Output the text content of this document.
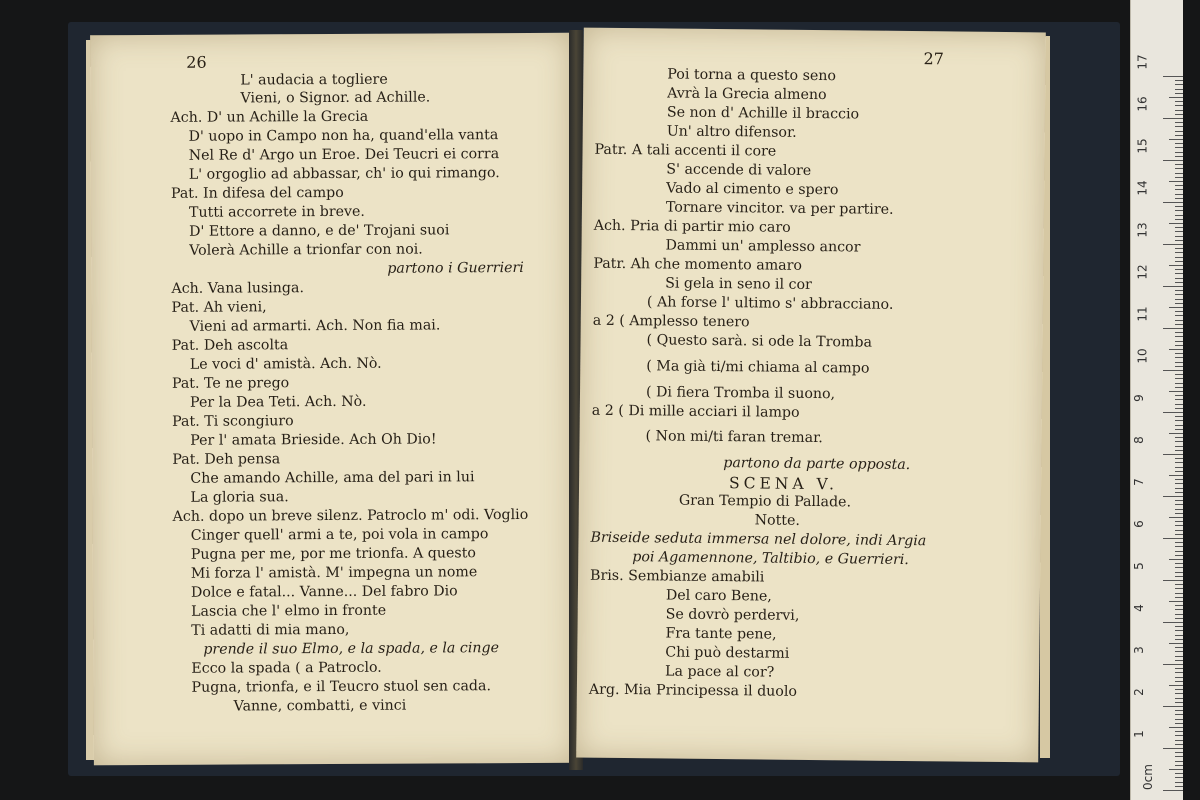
26
L' audacia a togliere
Vieni, o Signor. ad Achille.
Ach. D' un Achille la Grecia
D' uopo in Campo non ha, quand'ella vanta
Nel Re d' Argo un Eroe. Dei Teucri ei corra
L' orgoglio ad abbassar, ch' io qui rimango.
Pat. In difesa del campo
Tutti accorrete in breve.
D' Ettore a danno, e de' Trojani suoi
Volerà Achille a trionfar con noi.
partono i Guerrieri
Ach. Vana lusinga.
Pat. Ah vieni,
Vieni ad armarti. Ach. Non fia mai.
Pat. Deh ascolta
Le voci d' amistà. Ach. Nò.
Pat. Te ne prego
Per la Dea Teti. Ach. Nò.
Pat. Ti scongiuro
Per l' amata Brieside. Ach Oh Dio!
Pat. Deh pensa
Che amando Achille, ama del pari in lui
La gloria sua.
Ach. dopo un breve silenz. Patroclo m' odi. Voglio
Cinger quell' armi a te, poi vola in campo
Pugna per me, por me trionfa. A questo
Mi forza l' amistà. M' impegna un nome
Dolce e fatal... Vanne... Del fabro Dio
Lascia che l' elmo in fronte
Ti adatti di mia mano,
prende il suo Elmo, e la spada, e la cinge
Ecco la spada ( a Patroclo.
Pugna, trionfa, e il Teucro stuol sen cada.
Vanne, combatti, e vinci
27
Poi torna a questo seno
Avrà la Grecia almeno
Se non d' Achille il braccio
Un' altro difensor.
Patr. A tali accenti il core
S' accende di valore
Vado al cimento e spero
Tornare vincitor. va per partire.
Ach. Pria di partir mio caro
Dammi un' amplesso ancor
Patr. Ah che momento amaro
Si gela in seno il cor
( Ah forse l' ultimo s' abbracciano.
a 2 ( Amplesso tenero
( Questo sarà. si ode la Tromba
( Ma già ti/mi chiama al campo
( Di fiera Tromba il suono,
a 2 ( Di mille acciari il lampo
( Non mi/ti faran tremar.
partono da parte opposta.
SCENA V.
Gran Tempio di Pallade.
Notte.
Briseide seduta immersa nel dolore, indi Argia
poi Agamennone, Taltibio, e Guerrieri.
Bris. Sembianze amabili
Del caro Bene,
Se dovrò perdervi,
Fra tante pene,
Chi può destarmi
La pace al cor?
Arg. Mia Principessa il duolo
0cm
1
2
3
4
5
6
7
8
9
10
11
12
13
14
15
16
17
